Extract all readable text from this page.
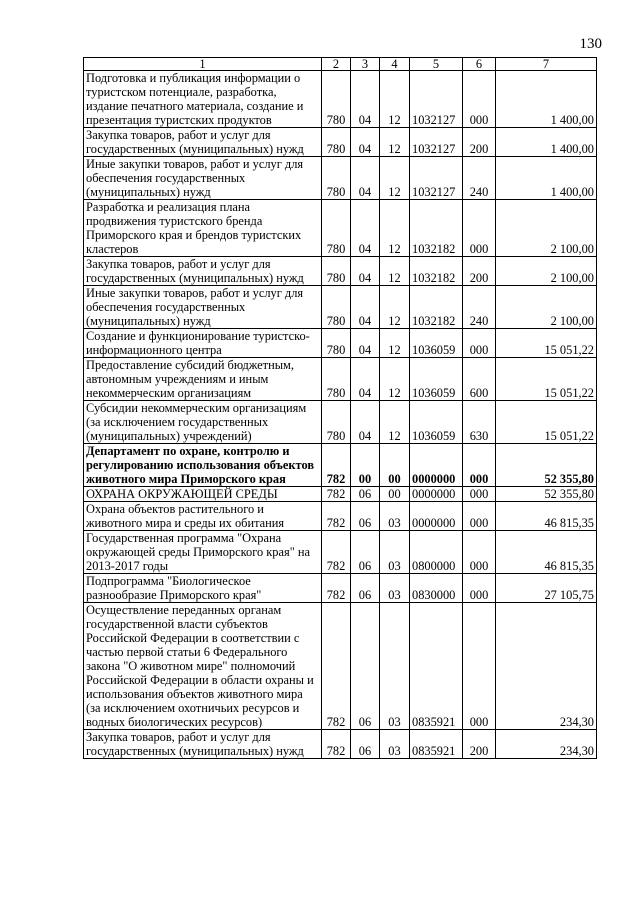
130
1	2	3	4	5	6	7
Подготовка и публикация информации о туристском потенциале, разработка, издание печатного материала, создание и презентация туристских продуктов	780	04	12	1032127	000	1 400,00
Закупка товаров, работ и услуг для государственных (муниципальных) нужд	780	04	12	1032127	200	1 400,00
Иные закупки товаров, работ и услуг для обеспечения государственных (муниципальных) нужд	780	04	12	1032127	240	1 400,00
Разработка и реализация плана продвижения туристского бренда Приморского края и брендов туристских кластеров	780	04	12	1032182	000	2 100,00
Закупка товаров, работ и услуг для государственных (муниципальных) нужд	780	04	12	1032182	200	2 100,00
Иные закупки товаров, работ и услуг для обеспечения государственных (муниципальных) нужд	780	04	12	1032182	240	2 100,00
Создание и функционирование туристско-информационного центра	780	04	12	1036059	000	15 051,22
Предоставление субсидий бюджетным, автономным учреждениям и иным некоммерческим организациям	780	04	12	1036059	600	15 051,22
Субсидии некоммерческим организациям (за исключением государственных (муниципальных) учреждений)	780	04	12	1036059	630	15 051,22
Департамент по охране, контролю и регулированию использования объектов животного мира Приморского края	782	00	00	0000000	000	52 355,80
ОХРАНА ОКРУЖАЮЩЕЙ СРЕДЫ	782	06	00	0000000	000	52 355,80
Охрана объектов растительного и животного мира и среды их обитания	782	06	03	0000000	000	46 815,35
Государственная программа "Охрана окружающей среды Приморского края" на 2013-2017 годы	782	06	03	0800000	000	46 815,35
Подпрограмма "Биологическое разнообразие Приморского края"	782	06	03	0830000	000	27 105,75
Осуществление переданных органам государственной власти субъектов Российской Федерации в соответствии с частью первой статьи 6 Федерального закона "О животном мире" полномочий Российской Федерации в области охраны и использования объектов животного мира (за исключением охотничьих ресурсов и водных биологических ресурсов)	782	06	03	0835921	000	234,30
Закупка товаров, работ и услуг для государственных (муниципальных) нужд	782	06	03	0835921	200	234,30
